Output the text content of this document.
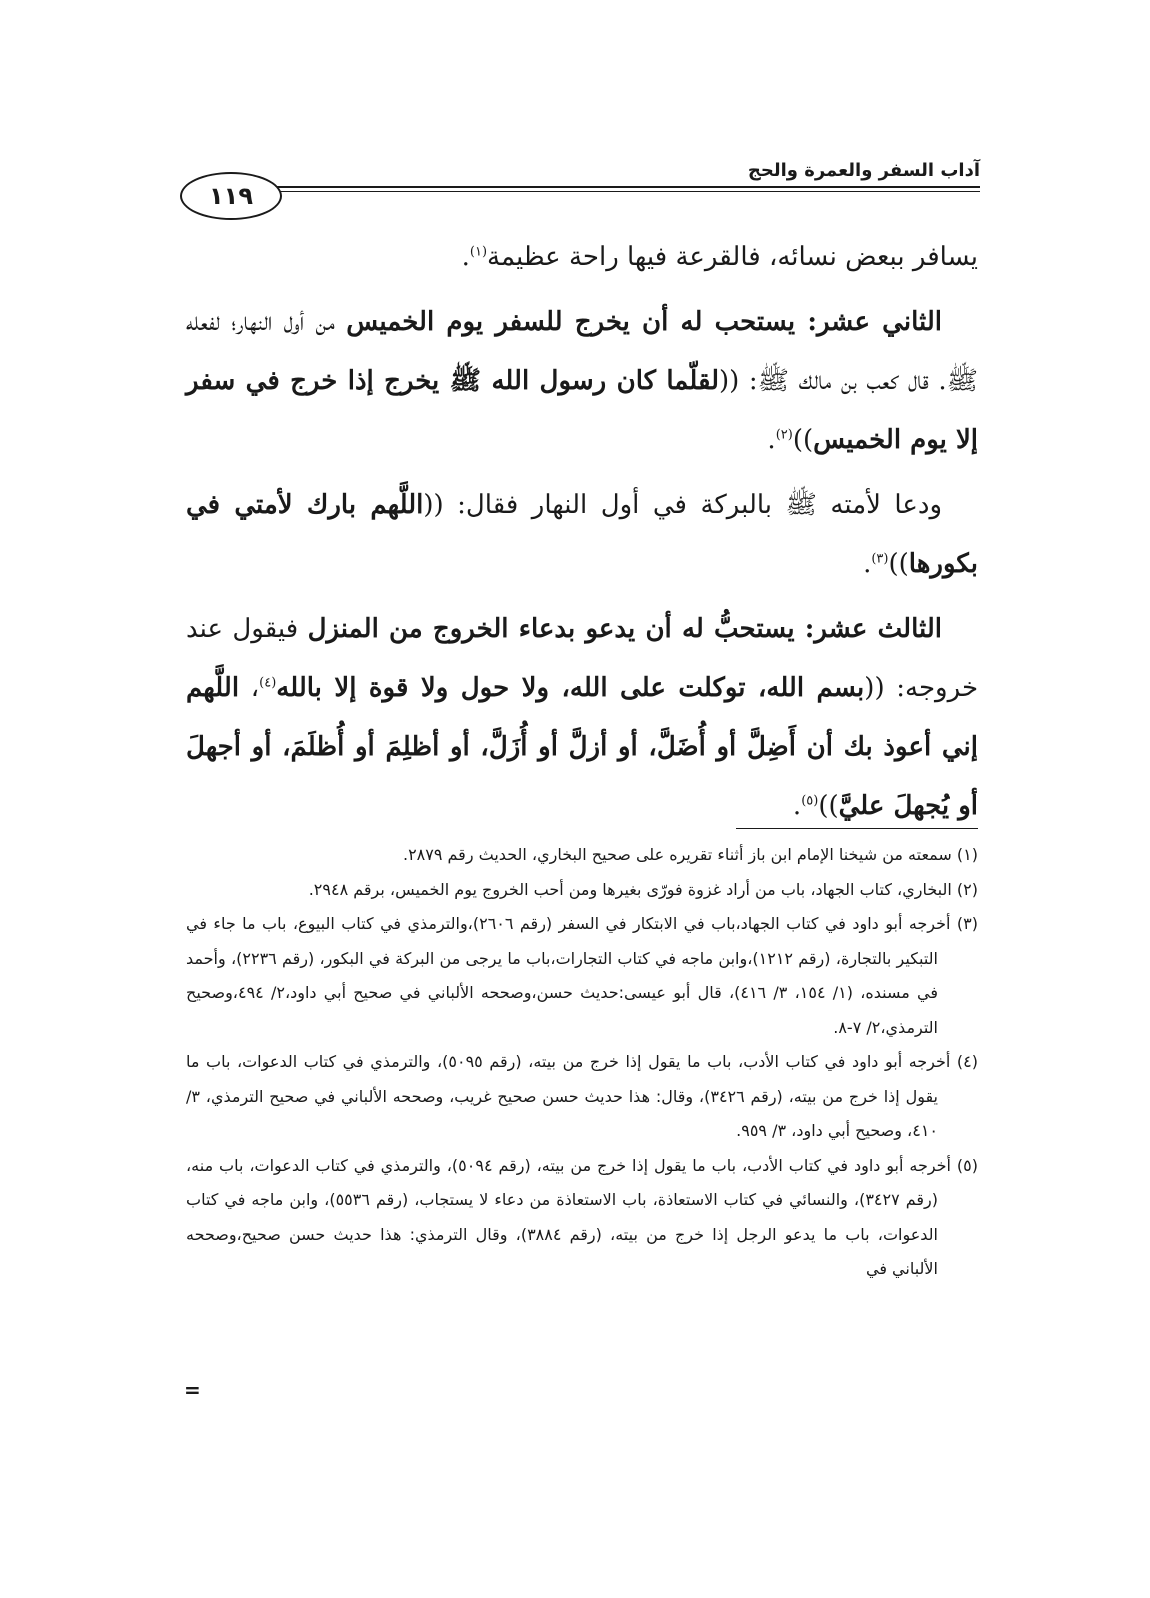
١١٩
آداب السفر والعمرة والحج

يسافر ببعض نسائه، فالقرعة فيها راحة عظيمة$^{(١)}$.

الثاني عشر: يستحب له أن يخرج للسفر يوم الخميس من أول النهار؛ لفعله ﷺ. قال كعب بن مالك ﷺ: ((لقلّما كان رسول الله ﷺ يخرج إذا خرج في سفر إلا يوم الخميس))$^{(٢)}$.

ودعا لأمته ﷺ بالبركة في أول النهار فقال: ((اللَّهم بارك لأمتي في بكورها))$^{(٣)}$.

الثالث عشر: يستحبُّ له أن يدعو بدعاء الخروج من المنزل فيقول عند خروجه: ((بسم الله، توكلت على الله، ولا حول ولا قوة إلا بالله$^{(٤)}$، اللَّهم إني أعوذ بك أن أَضِلَّ أو أُضَلَّ، أو أزلَّ أو أُزَلَّ، أو أظلِمَ أو أُظلَمَ، أو أجهلَ أو يُجهلَ عليَّ))$^{(٥)}$.

(١) سمعته من شيخنا الإمام ابن باز أثناء تقريره على صحيح البخاري، الحديث رقم ٢٨٧٩.

(٢) البخاري، كتاب الجهاد، باب من أراد غزوة فورّى بغيرها ومن أحب الخروج يوم الخميس، برقم ٢٩٤٨.

(٣) أخرجه أبو داود في كتاب الجهاد،باب في الابتكار في السفر (رقم ٢٦٠٦)،والترمذي في كتاب البيوع، باب ما جاء في التبكير بالتجارة، (رقم ١٢١٢)،وابن ماجه في كتاب التجارات،باب ما يرجى من البركة في البكور، (رقم ٢٢٣٦)، وأحمد في مسنده، (١/ ١٥٤، ٣/ ٤١٦)، قال أبو عيسى:حديث حسن،وصححه الألباني في صحيح أبي داود،٢/ ٤٩٤،وصحيح الترمذي،٢/ ٧-٨.

(٤) أخرجه أبو داود في كتاب الأدب، باب ما يقول إذا خرج من بيته، (رقم ٥٠٩٥)، والترمذي في كتاب الدعوات، باب ما يقول إذا خرج من بيته، (رقم ٣٤٢٦)، وقال: هذا حديث حسن صحيح غريب، وصححه الألباني في صحيح الترمذي، ٣/ ٤١٠، وصحيح أبي داود، ٣/ ٩٥٩.

(٥) أخرجه أبو داود في كتاب الأدب، باب ما يقول إذا خرج من بيته، (رقم ٥٠٩٤)، والترمذي في كتاب الدعوات، باب منه، (رقم ٣٤٢٧)، والنسائي في كتاب الاستعاذة، باب الاستعاذة من دعاء لا يستجاب، (رقم ٥٥٣٦)، وابن ماجه في كتاب الدعوات، باب ما يدعو الرجل إذا خرج من بيته، (رقم ٣٨٨٤)، وقال الترمذي: هذا حديث حسن صحيح،وصححه الألباني في

=
